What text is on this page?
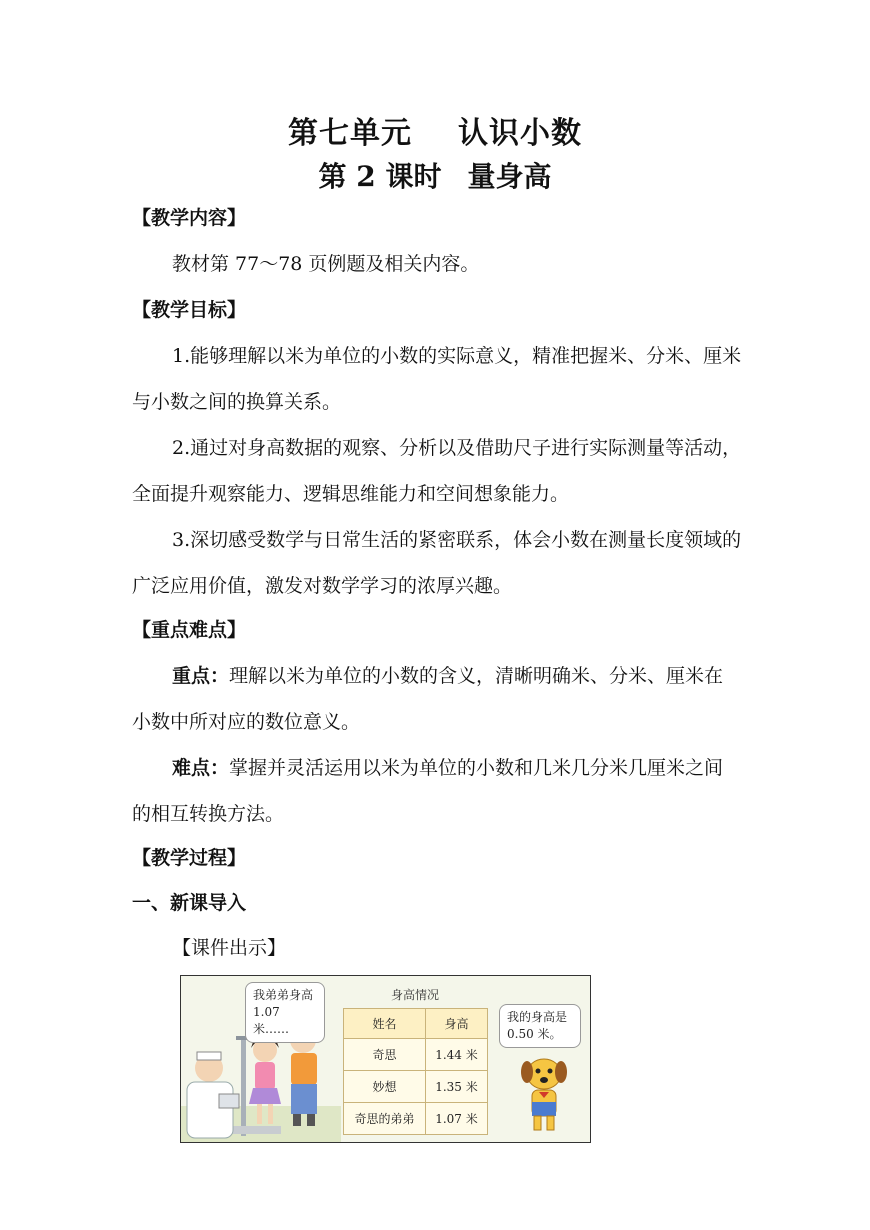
第七单元 认识小数
第 2 课时 量身高
【教学内容】
教材第 77～78 页例题及相关内容。
【教学目标】
1.能够理解以米为单位的小数的实际意义，精准把握米、分米、厘米与小数之间的换算关系。
2.通过对身高数据的观察、分析以及借助尺子进行实际测量等活动，全面提升观察能力、逻辑思维能力和空间想象能力。
3.深切感受数学与日常生活的紧密联系，体会小数在测量长度领域的广泛应用价值，激发对数学学习的浓厚兴趣。
【重点难点】
重点：理解以米为单位的小数的含义，清晰明确米、分米、厘米在小数中所对应的数位意义。
难点：掌握并灵活运用以米为单位的小数和几米几分米几厘米之间的相互转换方法。
【教学过程】
一、新课导入
【课件出示】
我弟弟身高 1.07 米……
身高情况
姓名	身高
奇思	1.44 米
妙想	1.35 米
奇思的弟弟	1.07 米
我的身高是 0.50 米。
